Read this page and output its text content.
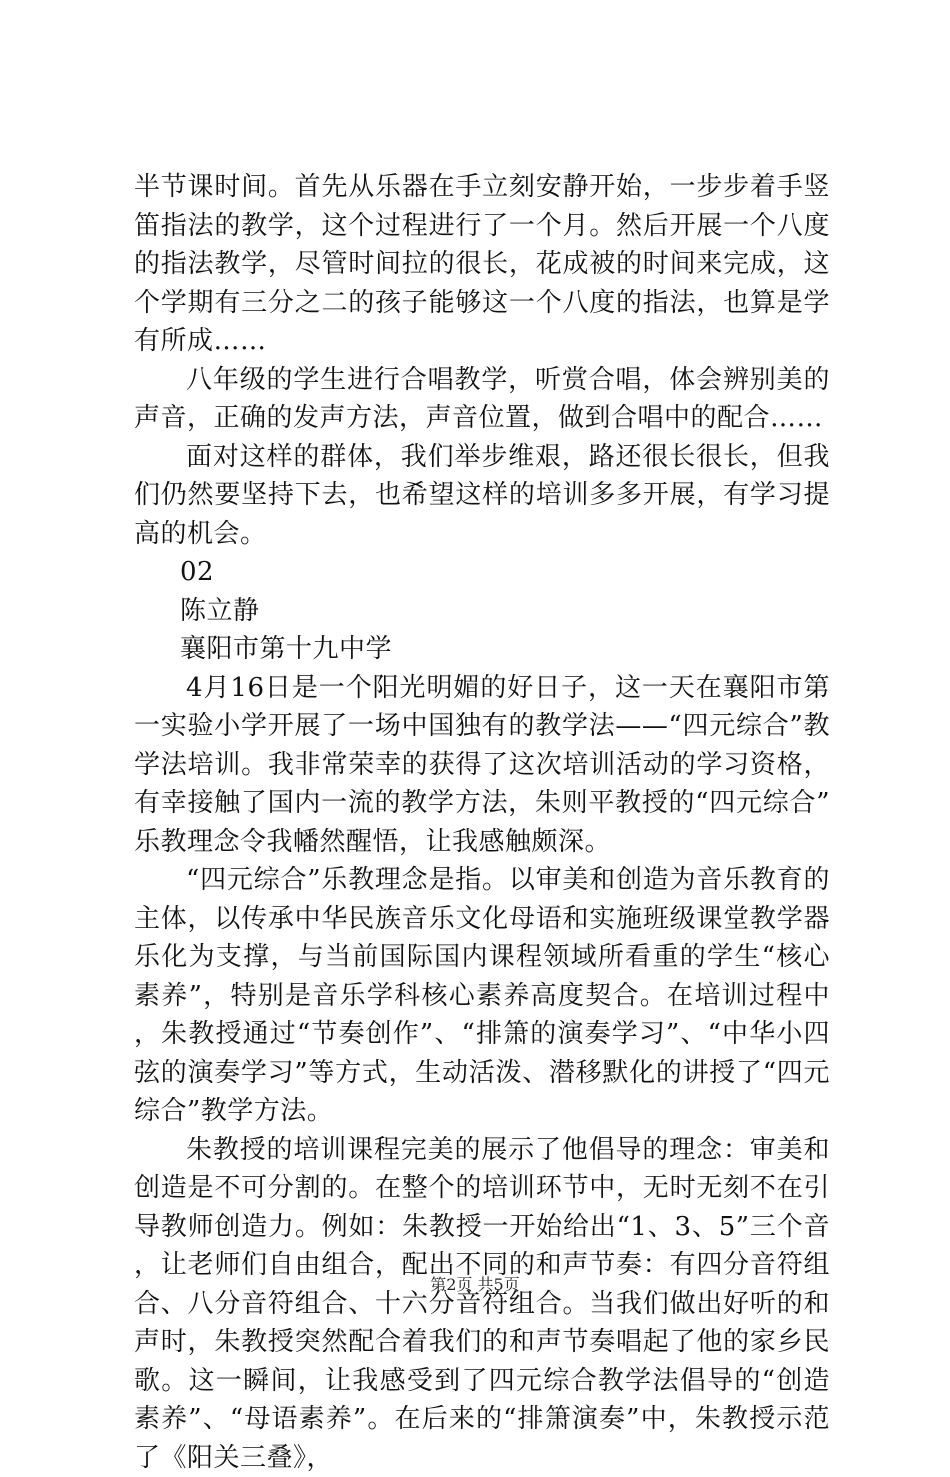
半节课时间。首先从乐器在手立刻安静开始，一步步着手竖笛指法的教学，这个过程进行了一个月。然后开展一个八度的指法教学，尽管时间拉的很长，花成被的时间来完成，这个学期有三分之二的孩子能够这一个八度的指法，也算是学有所成……

八年级的学生进行合唱教学，听赏合唱，体会辨别美的声音，正确的发声方法，声音位置，做到合唱中的配合……

面对这样的群体，我们举步维艰，路还很长很长，但我们仍然要坚持下去，也希望这样的培训多多开展，有学习提高的机会。

02

陈立静

襄阳市第十九中学

4月16日是一个阳光明媚的好日子，这一天在襄阳市第一实验小学开展了一场中国独有的教学法——“四元综合”教学法培训。我非常荣幸的获得了这次培训活动的学习资格，有幸接触了国内一流的教学方法，朱则平教授的“四元综合”乐教理念令我幡然醒悟，让我感触颇深。

“四元综合”乐教理念是指。以审美和创造为音乐教育的主体，以传承中华民族音乐文化母语和实施班级课堂教学器乐化为支撑，与当前国际国内课程领域所看重的学生“核心素养”，特别是音乐学科核心素养高度契合。在培训过程中，朱教授通过“节奏创作”、“排箫的演奏学习”、“中华小四弦的演奏学习”等方式，生动活泼、潜移默化的讲授了“四元综合”教学方法。

朱教授的培训课程完美的展示了他倡导的理念：审美和创造是不可分割的。在整个的培训环节中，无时无刻不在引导教师创造力。例如：朱教授一开始给出“1、3、5”三个音，让老师们自由组合，配出不同的和声节奏：有四分音符组合、八分音符组合、十六分音符组合。当我们做出好听的和声时，朱教授突然配合着我们的和声节奏唱起了他的家乡民歌。这一瞬间，让我感受到了四元综合教学法倡导的“创造素养”、“母语素养”。在后来的“排箫演奏”中，朱教授示范了《阳关三叠》，

第2页 共5页
